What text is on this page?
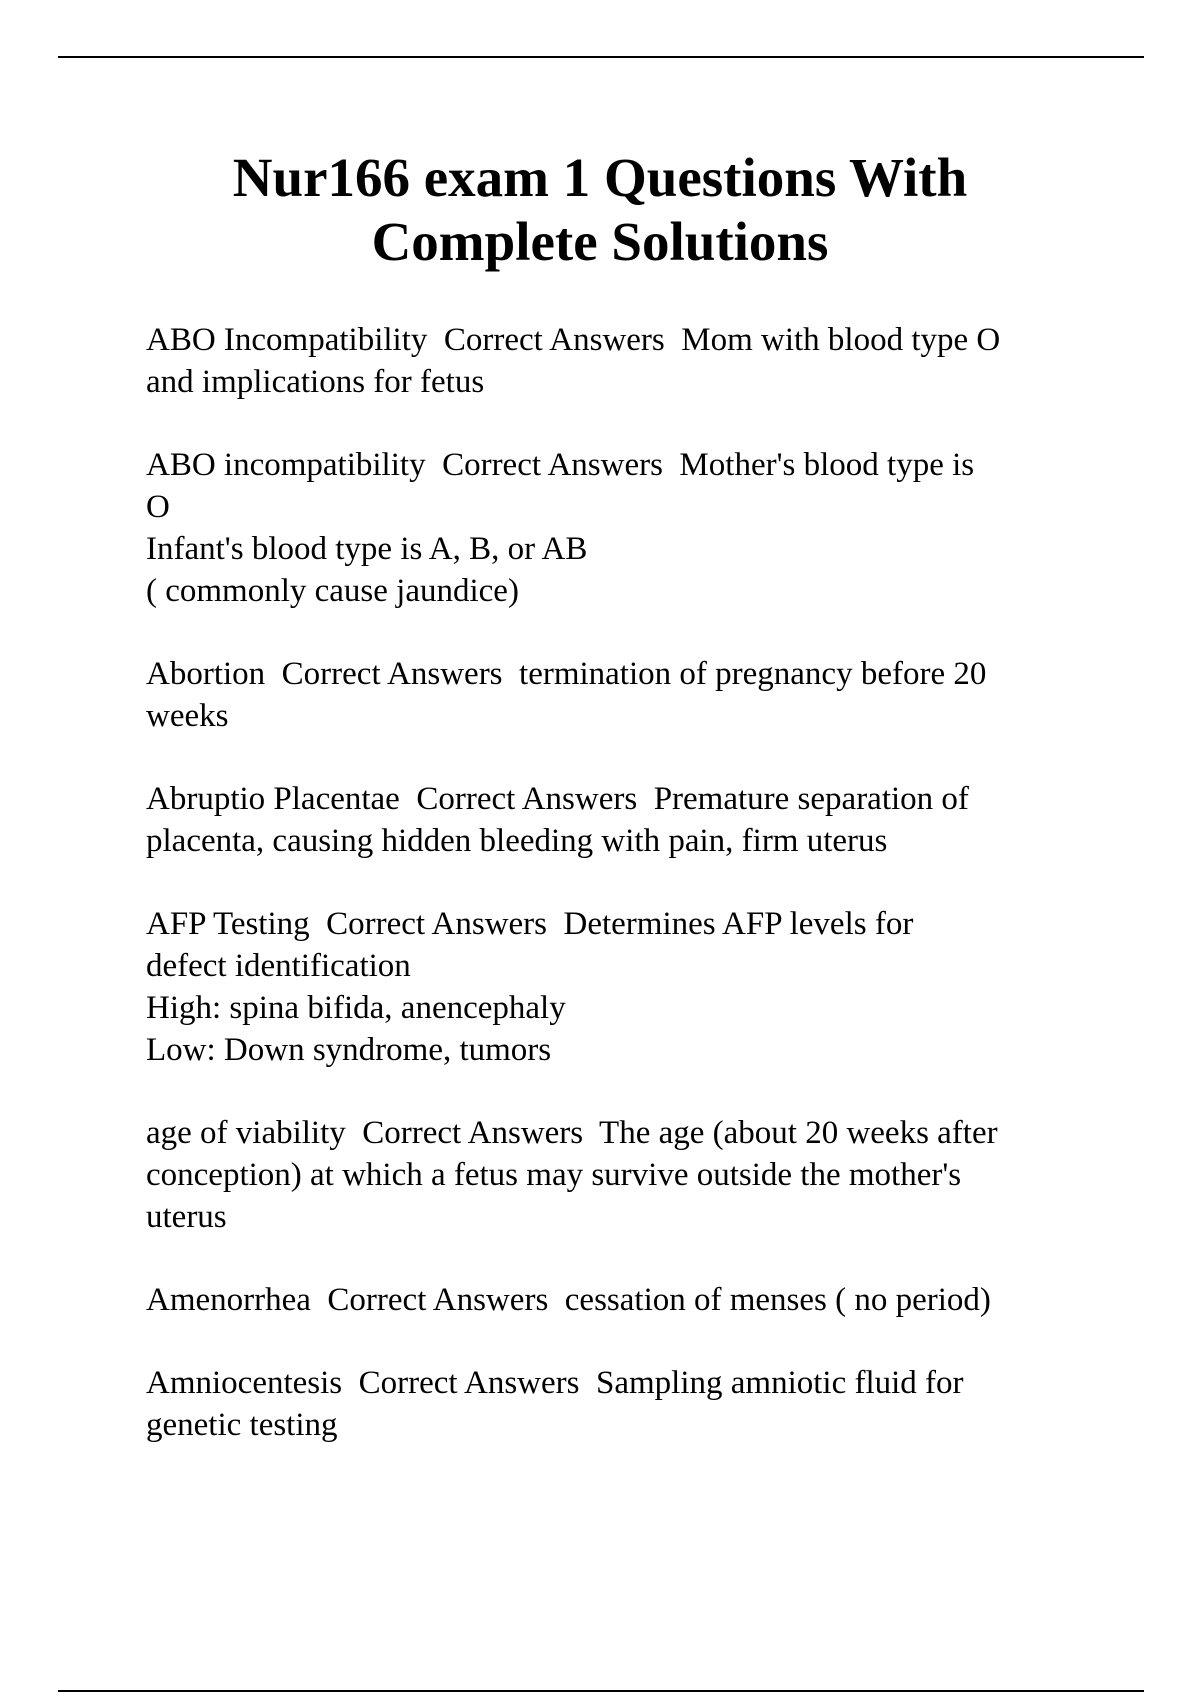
Nur166 exam 1 Questions With
Complete Solutions
ABO Incompatibility  Correct Answers  Mom with blood type O
and implications for fetus
ABO incompatibility  Correct Answers  Mother's blood type is
O
Infant's blood type is A, B, or AB
( commonly cause jaundice)
Abortion  Correct Answers  termination of pregnancy before 20
weeks
Abruptio Placentae  Correct Answers  Premature separation of
placenta, causing hidden bleeding with pain, firm uterus
AFP Testing  Correct Answers  Determines AFP levels for
defect identification
High: spina bifida, anencephaly
Low: Down syndrome, tumors
age of viability  Correct Answers  The age (about 20 weeks after
conception) at which a fetus may survive outside the mother's
uterus
Amenorrhea  Correct Answers  cessation of menses ( no period)
Amniocentesis  Correct Answers  Sampling amniotic fluid for
genetic testing
